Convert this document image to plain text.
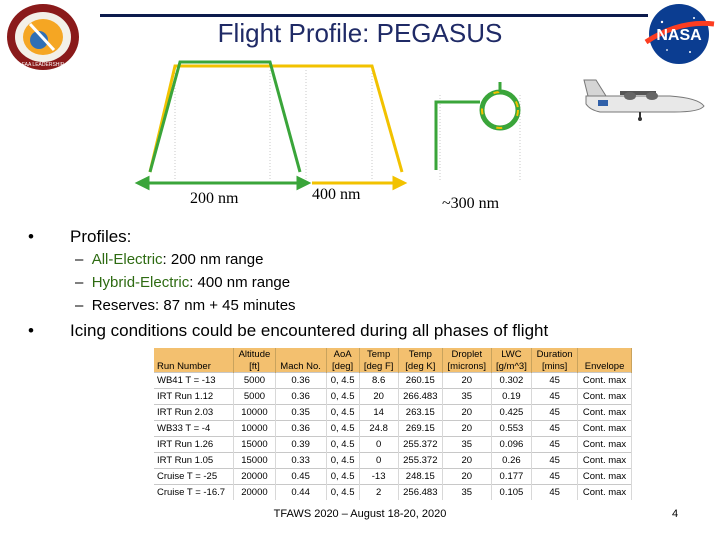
Flight Profile: PEGASUS
FAA LEADERSHIP
NASA
200 nm	400 nm
~300 nm
•	Profiles:
–  All-Electric: 200 nm range
–  Hybrid-Electric: 400 nm range
–  Reserves: 87 nm + 45 minutes
•	Icing conditions could be encountered during all phases of flight
	Altitude		AoA	Temp	Temp	Droplet	LWC	Duration	
Run Number	[ft]	Mach No.	[deg]	[deg F]	[deg K]	[microns]	[g/m^3]	[mins]	Envelope
WB41 T = -13	5000	0.36	0, 4.5	8.6	260.15	20	0.302	45	Cont. max
IRT Run 1.12	5000	0.36	0, 4.5	20	266.483	35	0.19	45	Cont. max
IRT Run 2.03	10000	0.35	0, 4.5	14	263.15	20	0.425	45	Cont. max
WB33 T = -4	10000	0.36	0, 4.5	24.8	269.15	20	0.553	45	Cont. max
IRT Run 1.26	15000	0.39	0, 4.5	0	255.372	35	0.096	45	Cont. max
IRT Run 1.05	15000	0.33	0, 4.5	0	255.372	20	0.26	45	Cont. max
Cruise T = -25	20000	0.45	0, 4.5	-13	248.15	20	0.177	45	Cont. max
Cruise T = -16.7	20000	0.44	0, 4.5	2	256.483	35	0.105	45	Cont. max
TFAWS 2020 – August 18-20, 2020	4
